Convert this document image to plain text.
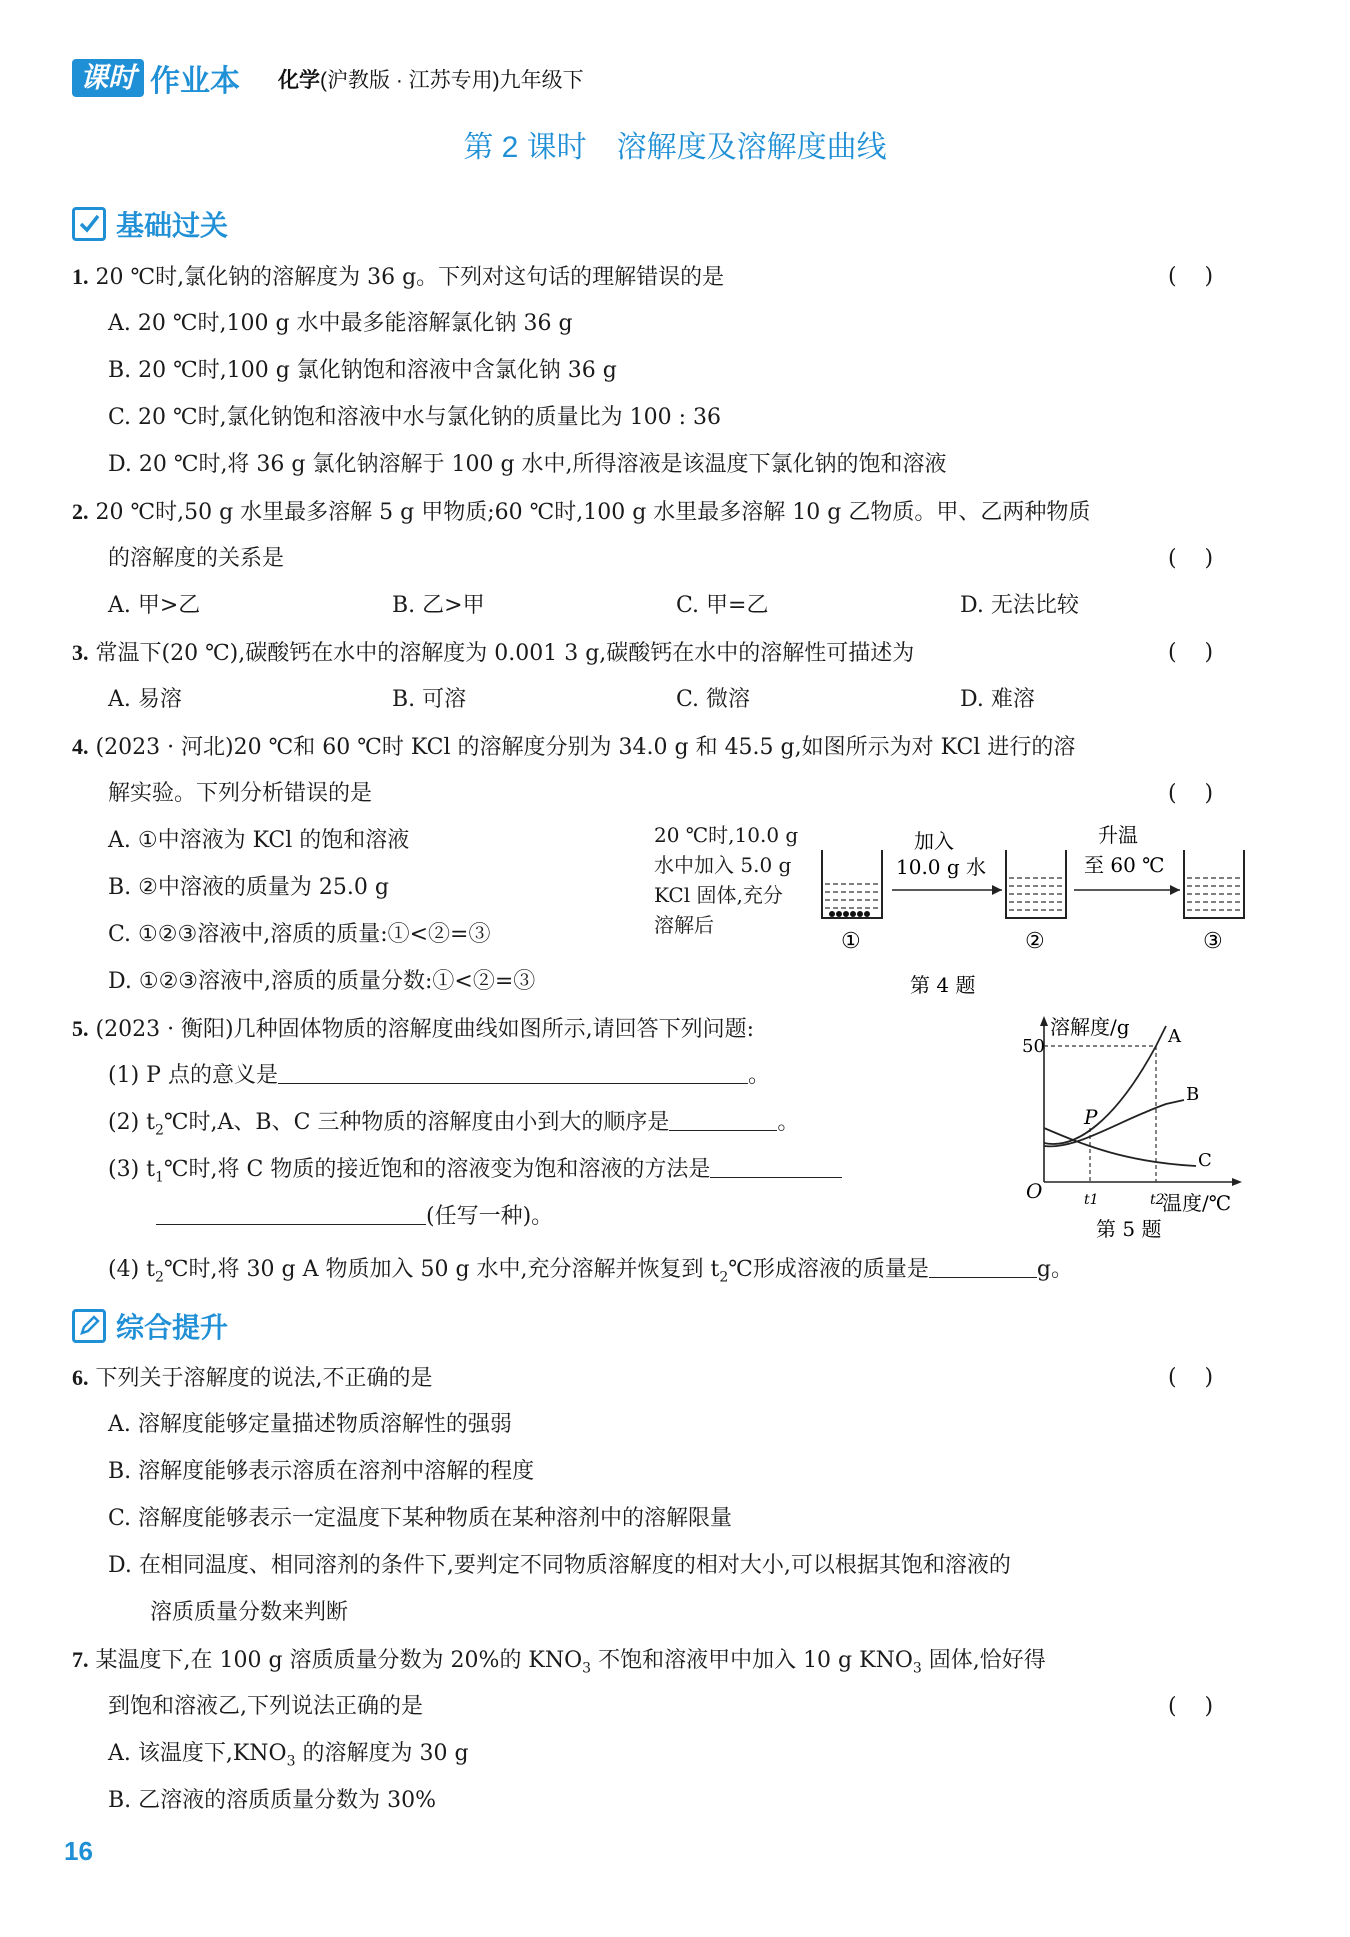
课时 作业本 化学(沪教版 · 江苏专用)九年级下
第 2 课时 溶解度及溶解度曲线
基础过关
1. 20 ℃时,氯化钠的溶解度为 36 g。下列对这句话的理解错误的是	(    )
A. 20 ℃时,100 g 水中最多能溶解氯化钠 36 g
B. 20 ℃时,100 g 氯化钠饱和溶液中含氯化钠 36 g
C. 20 ℃时,氯化钠饱和溶液中水与氯化钠的质量比为 100 : 36
D. 20 ℃时,将 36 g 氯化钠溶解于 100 g 水中,所得溶液是该温度下氯化钠的饱和溶液
2. 20 ℃时,50 g 水里最多溶解 5 g 甲物质;60 ℃时,100 g 水里最多溶解 10 g 乙物质。甲、乙两种物质
的溶解度的关系是	(    )
A. 甲>乙	B. 乙>甲	C. 甲=乙	D. 无法比较
3. 常温下(20 ℃),碳酸钙在水中的溶解度为 0.001 3 g,碳酸钙在水中的溶解性可描述为	(    )
A. 易溶	B. 可溶	C. 微溶	D. 难溶
4. (2023 · 河北)20 ℃和 60 ℃时 KCl 的溶解度分别为 34.0 g 和 45.5 g,如图所示为对 KCl 进行的溶
解实验。下列分析错误的是	(    )
A. ①中溶液为 KCl 的饱和溶液
B. ②中溶液的质量为 25.0 g
C. ①②③溶液中,溶质的质量:①<②=③
D. ①②③溶液中,溶质的质量分数:①<②=③
20 ℃时,10.0 g
水中加入 5.0 g
KCl 固体,充分
溶解后
加入
10.0 g 水
升温
至 60 ℃
①	②	③
第 4 题
5. (2023 · 衡阳)几种固体物质的溶解度曲线如图所示,请回答下列问题:
(1) P 点的意义是	。
(2) $t_2℃$时,A、B、C 三种物质的溶解度由小到大的顺序是	。
(3) $t_1℃$时,将 C 物质的接近饱和的溶液变为饱和溶液的方法是
(任写一种)。
(4) $t_2℃$时,将 30 g A 物质加入 50 g 水中,充分溶解并恢复到 $t_2℃$形成溶液的质量是	g。
溶解度/g
温度/℃
50
O
A
B
C
P
t1	t2
第 5 题
综合提升
6. 下列关于溶解度的说法,不正确的是	(    )
A. 溶解度能够定量描述物质溶解性的强弱
B. 溶解度能够表示溶质在溶剂中溶解的程度
C. 溶解度能够表示一定温度下某种物质在某种溶剂中的溶解限量
D. 在相同温度、相同溶剂的条件下,要判定不同物质溶解度的相对大小,可以根据其饱和溶液的
溶质质量分数来判断
7. 某温度下,在 100 g 溶质质量分数为 20%的 $KNO_3$ 不饱和溶液甲中加入 10 g $KNO_3$ 固体,恰好得
到饱和溶液乙,下列说法正确的是	(    )
A. 该温度下$,KNO_3$ 的溶解度为 30 g
B. 乙溶液的溶质质量分数为 30%
16
